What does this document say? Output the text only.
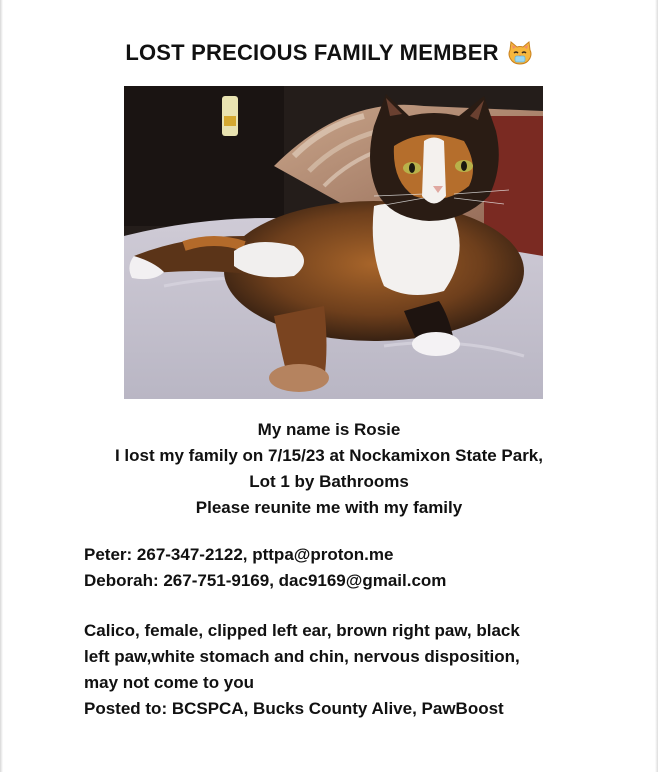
LOST PRECIOUS FAMILY MEMBER
My name is Rosie
I lost my family on 7/15/23 at Nockamixon State Park,
Lot 1 by Bathrooms
Please reunite me with my family
Peter: 267-347-2122, pttpa@proton.me
Deborah: 267-751-9169, dac9169@gmail.com
Calico, female, clipped left ear, brown right paw, black
left paw,white stomach and chin, nervous disposition,
may not come to you
Posted to: BCSPCA, Bucks County Alive, PawBoost
